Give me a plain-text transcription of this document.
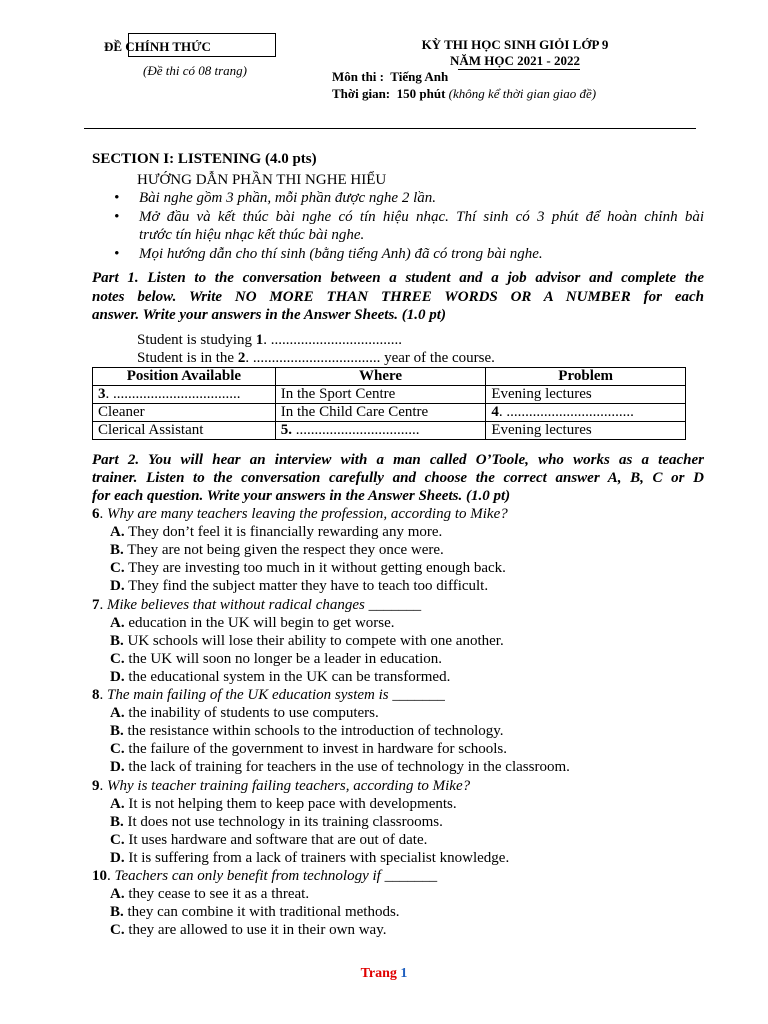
ĐỀ CHÍNH THỨC
(Đề thi có 08 trang)
KỲ THI HỌC SINH GIỎI LỚP 9
NĂM HỌC 2021 - 2022
Môn thi : Tiếng Anh
Thời gian: 150 phút (không kể thời gian giao đề)
SECTION I: LISTENING (4.0 pts)
HƯỚNG DẪN PHẦN THI NGHE HIỂU
• Bài nghe gồm 3 phần, mỗi phần được nghe 2 lần.
• Mở đầu và kết thúc bài nghe có tín hiệu nhạc. Thí sinh có 3 phút để hoàn chỉnh bài
trước tín hiệu nhạc kết thúc bài nghe.
• Mọi hướng dẫn cho thí sinh (bằng tiếng Anh) đã có trong bài nghe.
Part 1. Listen to the conversation between a student and a job advisor and complete the
notes below. Write NO MORE THAN THREE WORDS OR A NUMBER for each
answer. Write your answers in the Answer Sheets. (1.0 pt)
Student is studying 1. ...................................
Student is in the 2. .................................. year of the course.
Position Available	Where	Problem
3. ..................................	In the Sport Centre	Evening lectures
Cleaner	In the Child Care Centre	4. ..................................
Clerical Assistant	5. .................................	Evening lectures
Part 2. You will hear an interview with a man called O’Toole, who works as a teacher
trainer. Listen to the conversation carefully and choose the correct answer A, B, C or D
for each question. Write your answers in the Answer Sheets. (1.0 pt)
6. Why are many teachers leaving the profession, according to Mike?
A. They don’t feel it is financially rewarding any more.
B. They are not being given the respect they once were.
C. They are investing too much in it without getting enough back.
D. They find the subject matter they have to teach too difficult.
7. Mike believes that without radical changes _______
A. education in the UK will begin to get worse.
B. UK schools will lose their ability to compete with one another.
C. the UK will soon no longer be a leader in education.
D. the educational system in the UK can be transformed.
8. The main failing of the UK education system is _______
A. the inability of students to use computers.
B. the resistance within schools to the introduction of technology.
C. the failure of the government to invest in hardware for schools.
D. the lack of training for teachers in the use of technology in the classroom.
9. Why is teacher training failing teachers, according to Mike?
A. It is not helping them to keep pace with developments.
B. It does not use technology in its training classrooms.
C. It uses hardware and software that are out of date.
D. It is suffering from a lack of trainers with specialist knowledge.
10. Teachers can only benefit from technology if _______
A. they cease to see it as a threat.
B. they can combine it with traditional methods.
C. they are allowed to use it in their own way.
Trang 1
